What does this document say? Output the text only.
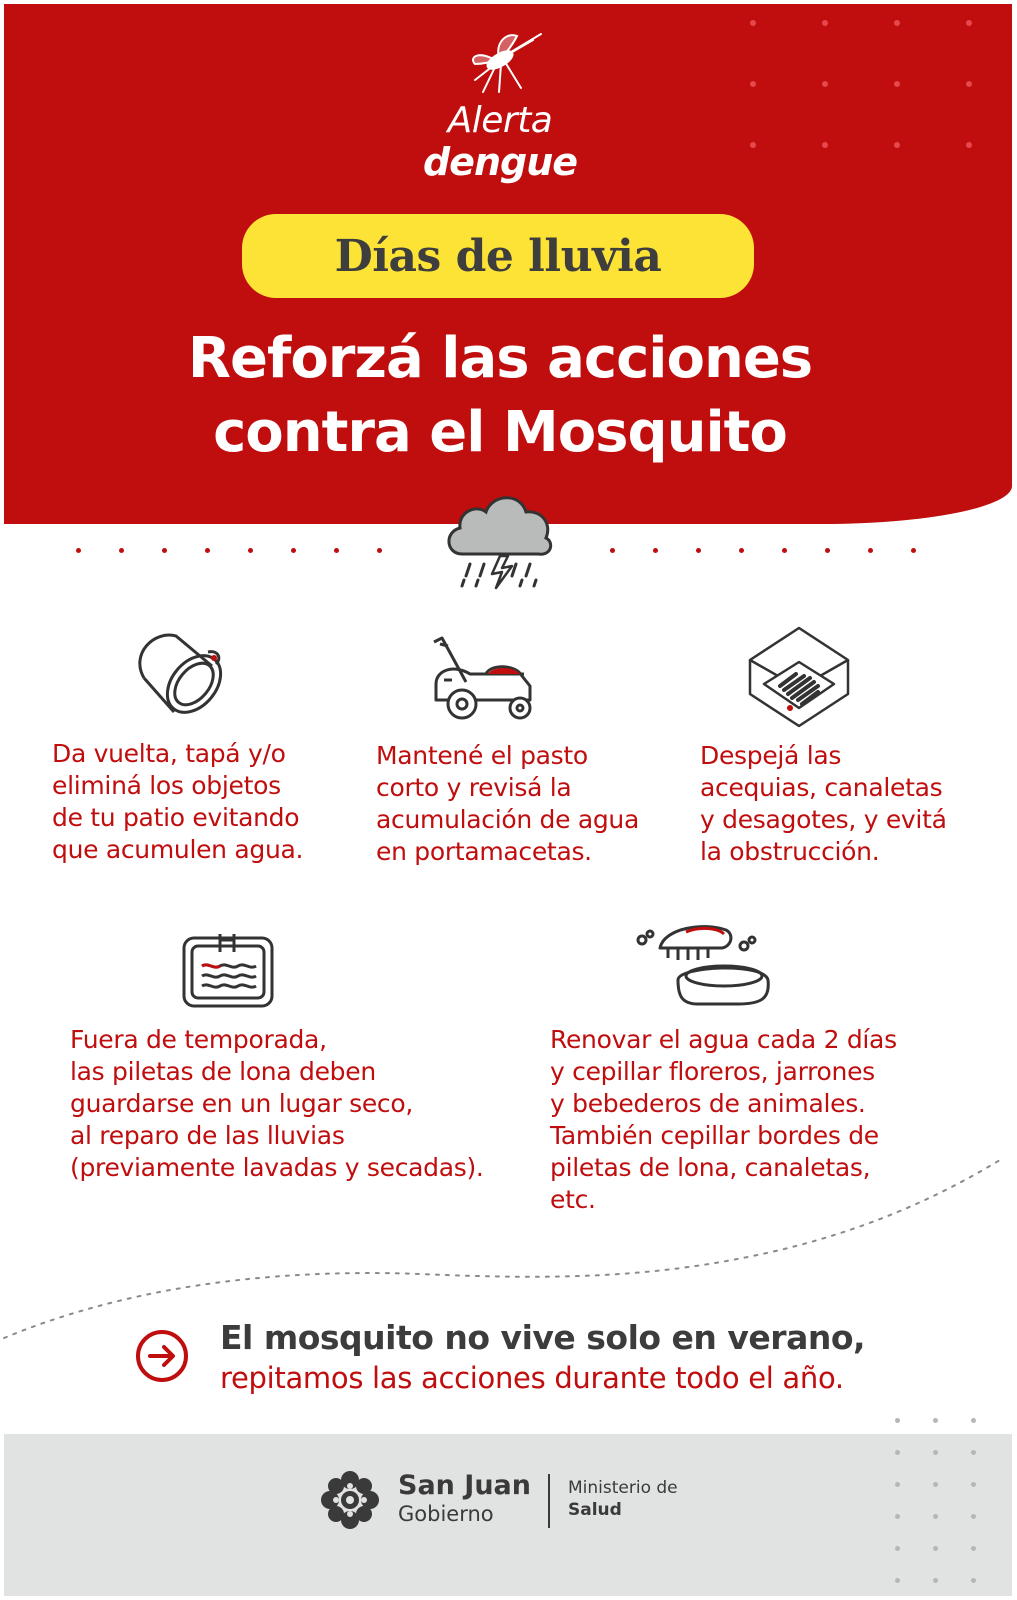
Alerta
dengue
Días de lluvia
Reforzá las acciones
contra el Mosquito
Da vuelta, tapá y/o
eliminá los objetos
de tu patio evitando
que acumulen agua.
Mantené el pasto
corto y revisá la
acumulación de agua
en portamacetas.
Despejá las
acequias, canaletas
y desagotes, y evitá
la obstrucción.
Fuera de temporada,
las piletas de lona deben
guardarse en un lugar seco,
al reparo de las lluvias
(previamente lavadas y secadas).
Renovar el agua cada 2 días
y cepillar floreros, jarrones
y bebederos de animales.
También cepillar bordes de
piletas de lona, canaletas,
etc.
El mosquito no vive solo en verano,
repitamos las acciones durante todo el año.
San Juan
Gobierno
Ministerio de
Salud
